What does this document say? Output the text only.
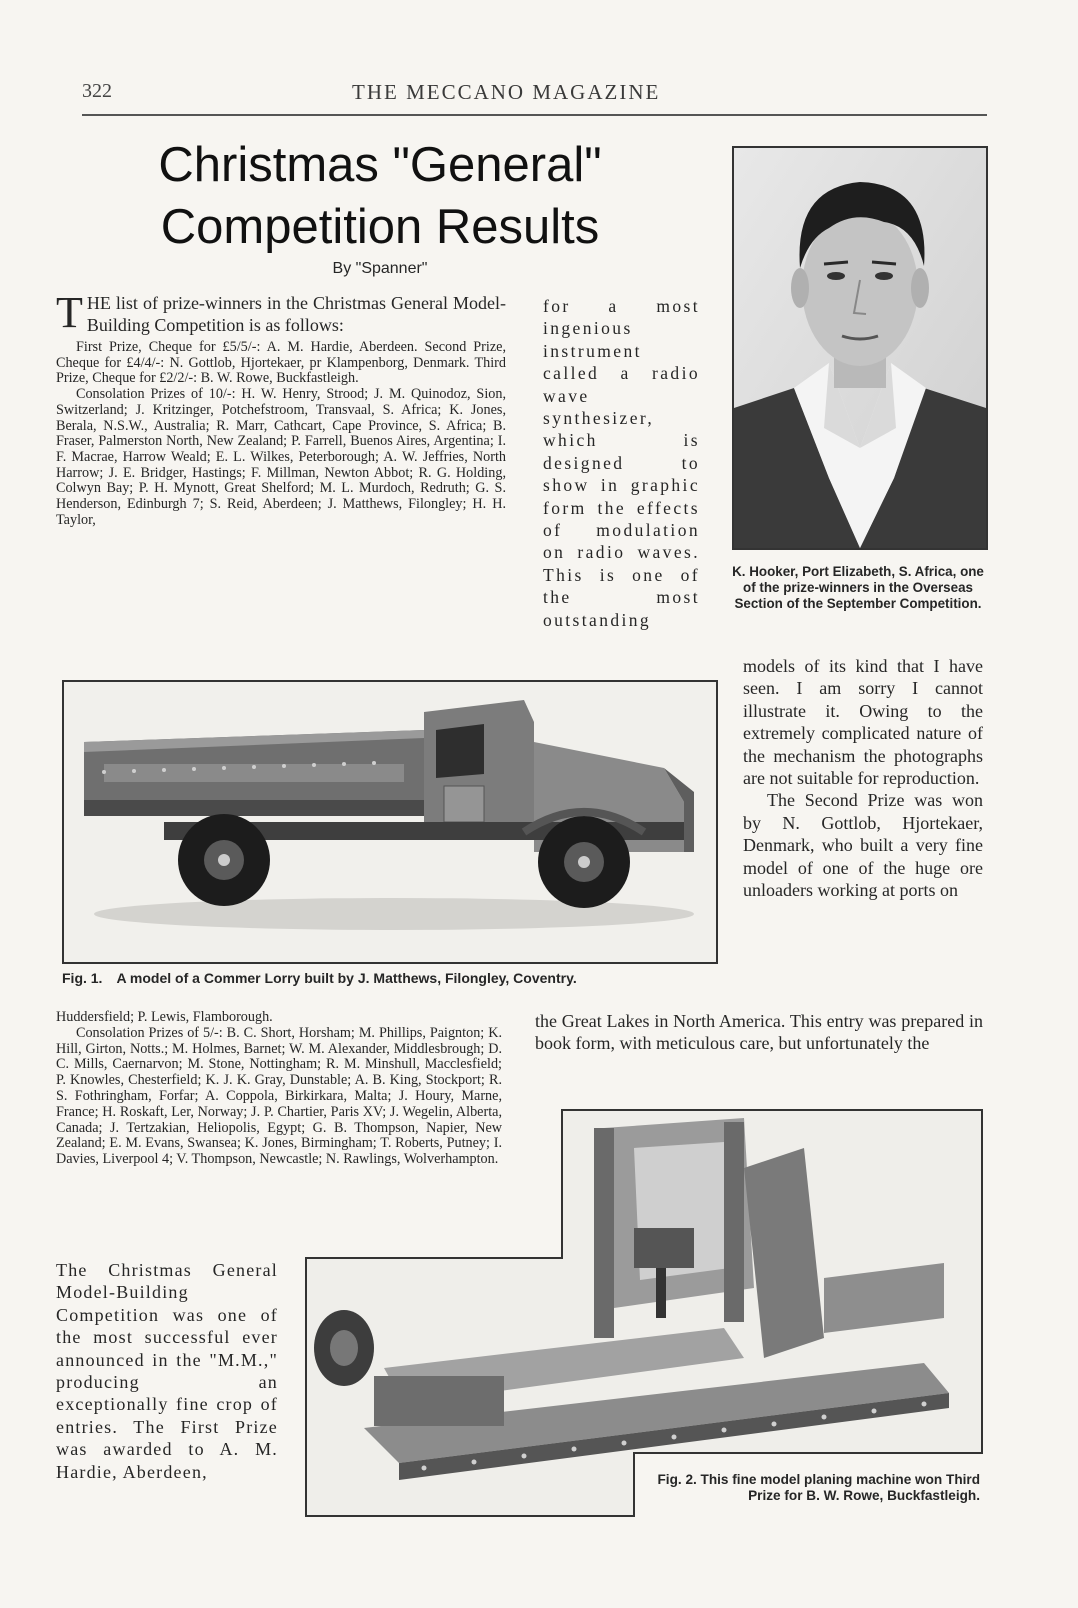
322	THE MECCANO MAGAZINE
Christmas "General"
Competition Results
By "Spanner"

THE list of prize-winners in the Christmas General Model-Building Competition is as follows:

First Prize, Cheque for £5/5/-: A. M. Hardie, Aberdeen. Second Prize, Cheque for £4/4/-: N. Gottlob, Hjortekaer, pr Klampenborg, Denmark. Third Prize, Cheque for £2/2/-: B. W. Rowe, Buckfastleigh.

Consolation Prizes of 10/-: H. W. Henry, Strood; J. M. Quinodoz, Sion, Switzerland; J. Kritzinger, Potchefstroom, Transvaal, S. Africa; K. Jones, Berala, N.S.W., Australia; R. Marr, Cathcart, Cape Province, S. Africa; B. Fraser, Palmerston North, New Zealand; P. Farrell, Buenos Aires, Argentina; I. F. Macrae, Harrow Weald; E. L. Wilkes, Peterborough; A. W. Jeffries, North Harrow; J. E. Bridger, Hastings; F. Millman, Newton Abbot; R. G. Holding, Colwyn Bay; P. H. Mynott, Great Shelford; M. L. Murdoch, Redruth; G. S. Henderson, Edinburgh 7; S. Reid, Aberdeen; J. Matthews, Filongley; H. H. Taylor,

for a most ingenious instrument called a radio wave synthesizer, which is designed to show in graphic form the effects of modulation on radio waves. This is one of the most outstanding
K. Hooker, Port Elizabeth, S. Africa, one of the prize-winners in the Overseas Section of the September Competition.
Fig. 1. A model of a Commer Lorry built by J. Matthews, Filongley, Coventry.

models of its kind that I have seen. I am sorry I cannot illustrate it. Owing to the extremely complicated nature of the mechanism the photographs are not suitable for reproduction.

The Second Prize was won by N. Gottlob, Hjortekaer, Denmark, who built a very fine model of one of the huge ore unloaders working at ports on

the Great Lakes in North America. This entry was prepared in book form, with meticulous care, but unfortunately the

Huddersfield; P. Lewis, Flamborough.

Consolation Prizes of 5/-: B. C. Short, Horsham; M. Phillips, Paignton; K. Hill, Girton, Notts.; M. Holmes, Barnet; W. M. Alexander, Middlesbrough; D. C. Mills, Caernarvon; M. Stone, Nottingham; R. M. Minshull, Macclesfield; P. Knowles, Chesterfield; K. J. K. Gray, Dunstable; A. B. King, Stockport; R. S. Fothringham, Forfar; A. Coppola, Birkirkara, Malta; J. Houry, Marne, France; H. Roskaft, Ler, Norway; J. P. Chartier, Paris XV; J. Wegelin, Alberta, Canada; J. Tertzakian, Heliopolis, Egypt; G. B. Thompson, Napier, New Zealand; E. M. Evans, Swansea; K. Jones, Birmingham; T. Roberts, Putney; I. Davies, Liverpool 4; V. Thompson, Newcastle; N. Rawlings, Wolverhampton.

The Christmas General Model-Building Competition was one of the most successful ever announced in the "M.M.," producing an exceptionally fine crop of entries. The First Prize was awarded to A. M. Hardie, Aberdeen,	Fig. 2. This fine model planing machine won Third Prize for B. W. Rowe, Buckfastleigh.
